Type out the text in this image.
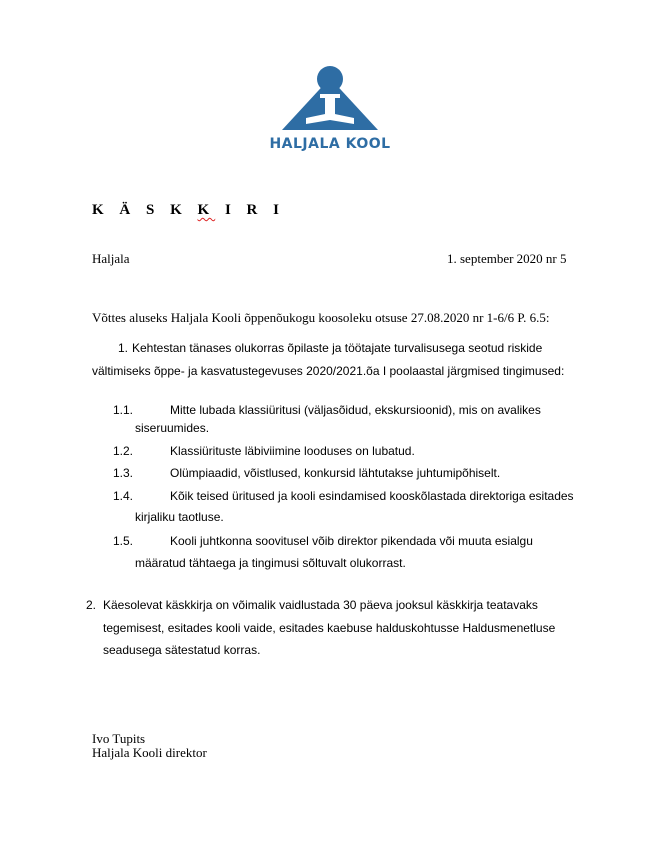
HALJALA KOOL
K Ä S K K I R I
Haljala	1. september 2020 nr 5
Võttes aluseks Haljala Kooli õppenõukogu koosoleku otsuse 27.08.2020 nr 1-6/6 P. 6.5:
1. Kehtestan tänases olukorras õpilaste ja töötajate turvalisusega seotud riskide
vältimiseks õppe- ja kasvatustegevuses 2020/2021.õa I poolaastal järgmised tingimused:
1.1.	Mitte lubada klassiüritusi (väljasõidud, ekskursioonid), mis on avalikes
siseruumides.
1.2.	Klassiürituste läbiviimine looduses on lubatud.
1.3.	Olümpiaadid, võistlused, konkursid lähtutakse juhtumipõhiselt.
1.4.	Kõik teised üritused ja kooli esindamised kooskõlastada direktoriga esitades
kirjaliku taotluse.
1.5.	Kooli juhtkonna soovitusel võib direktor pikendada või muuta esialgu
määratud tähtaega ja tingimusi sõltuvalt olukorrast.
2. Käesolevat käskkirja on võimalik vaidlustada 30 päeva jooksul käskkirja teatavaks
tegemisest, esitades kooli vaide, esitades kaebuse halduskohtusse Haldusmenetluse
seadusega sätestatud korras.
Ivo Tupits
Haljala Kooli direktor
